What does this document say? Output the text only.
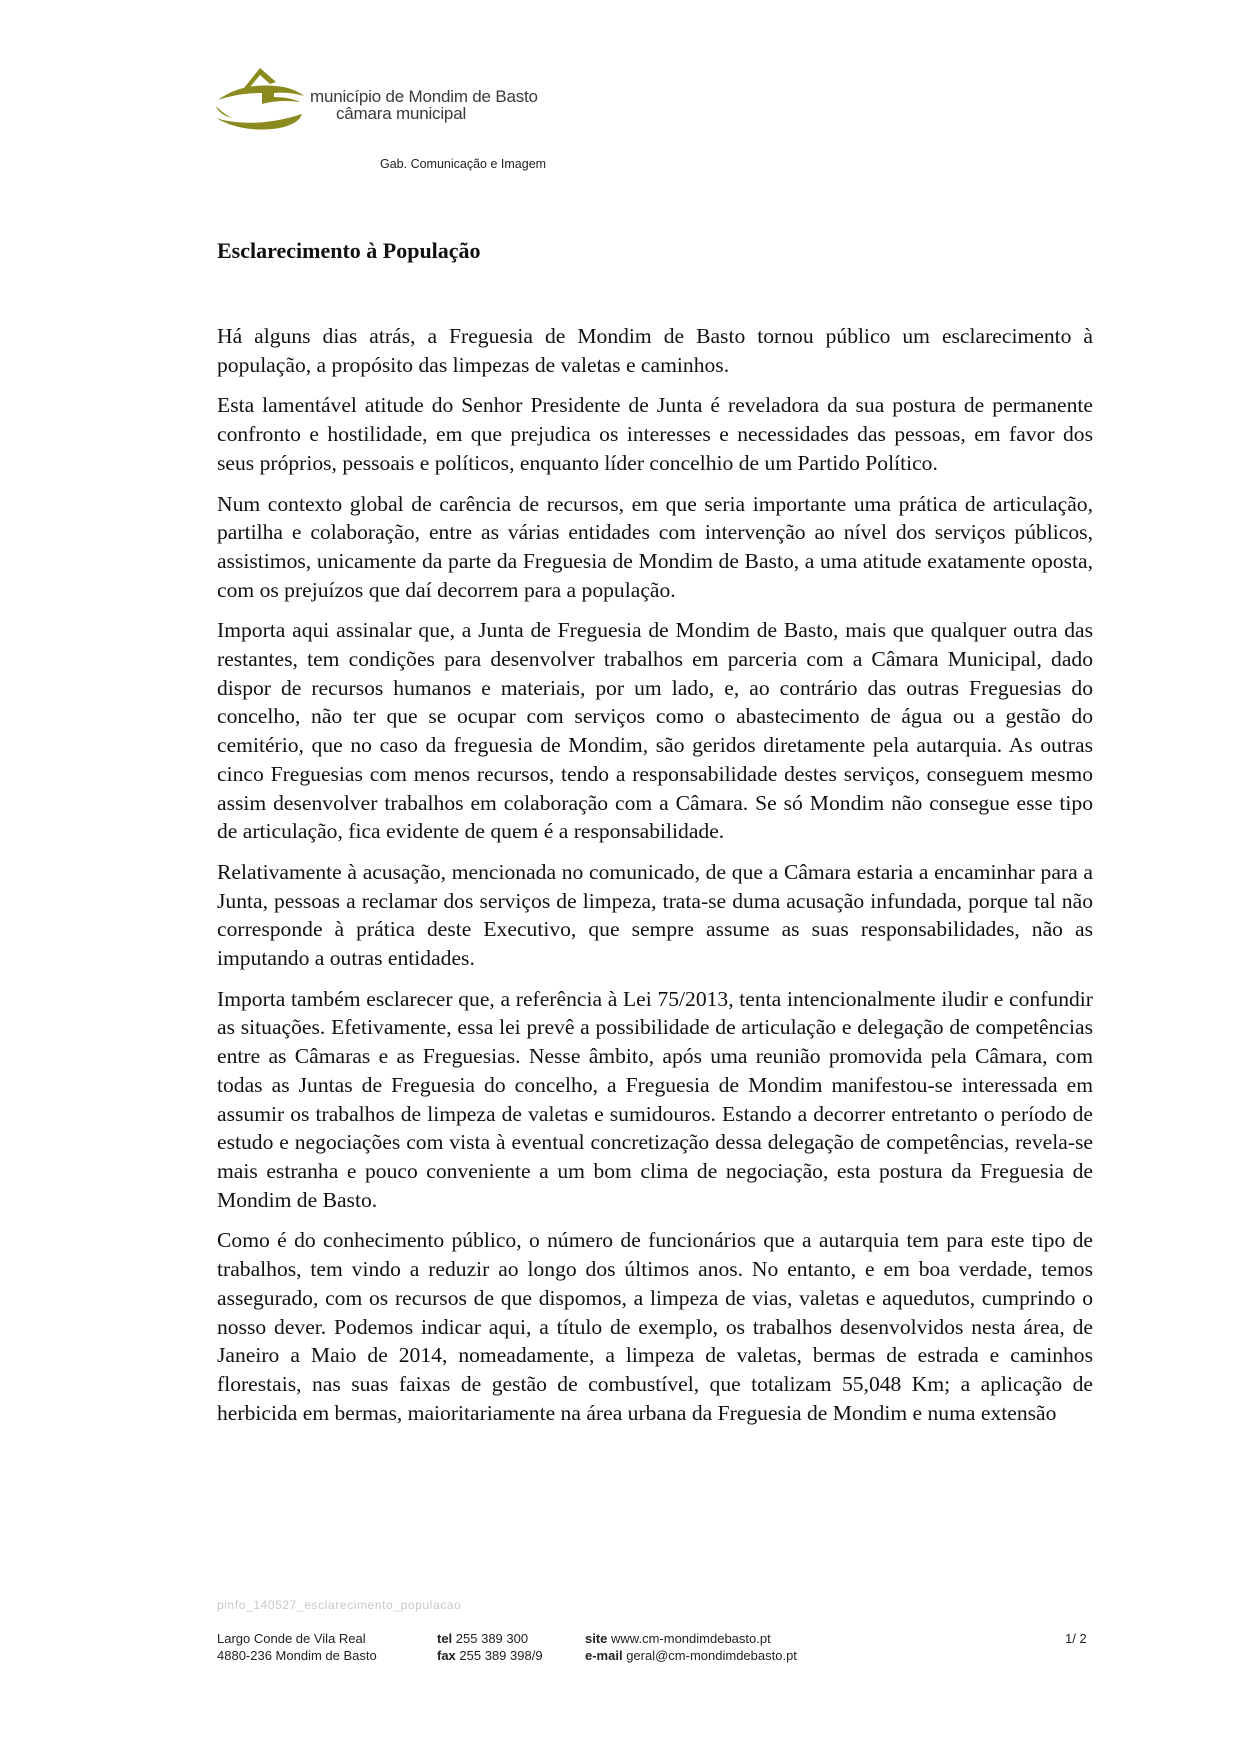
município de Mondim de Basto
câmara municipal
Gab. Comunicação e Imagem
Esclarecimento à População

Há alguns dias atrás, a Freguesia de Mondim de Basto tornou público um esclarecimento à população, a propósito das limpezas de valetas e caminhos.

Esta lamentável atitude do Senhor Presidente de Junta é reveladora da sua postura de permanente confronto e hostilidade, em que prejudica os interesses e necessidades das pessoas, em favor dos seus próprios, pessoais e políticos, enquanto líder concelhio de um Partido Político.

Num contexto global de carência de recursos, em que seria importante uma prática de articulação, partilha e colaboração, entre as várias entidades com intervenção ao nível dos serviços públicos, assistimos, unicamente da parte da Freguesia de Mondim de Basto, a uma atitude exatamente oposta, com os prejuízos que daí decorrem para a população.

Importa aqui assinalar que, a Junta de Freguesia de Mondim de Basto, mais que qualquer outra das restantes, tem condições para desenvolver trabalhos em parceria com a Câmara Municipal, dado dispor de recursos humanos e materiais, por um lado, e, ao contrário das outras Freguesias do concelho, não ter que se ocupar com serviços como o abastecimento de água ou a gestão do cemitério, que no caso da freguesia de Mondim, são geridos diretamente pela autarquia. As outras cinco Freguesias com menos recursos, tendo a responsabilidade destes serviços, conseguem mesmo assim desenvolver trabalhos em colaboração com a Câmara. Se só Mondim não consegue esse tipo de articulação, fica evidente de quem é a responsabilidade.

Relativamente à acusação, mencionada no comunicado, de que a Câmara estaria a encaminhar para a Junta, pessoas a reclamar dos serviços de limpeza, trata-se duma acusação infundada, porque tal não corresponde à prática deste Executivo, que sempre assume as suas responsabilidades, não as imputando a outras entidades.

Importa também esclarecer que, a referência à Lei 75/2013, tenta intencionalmente iludir e confundir as situações. Efetivamente, essa lei prevê a possibilidade de articulação e delegação de competências entre as Câmaras e as Freguesias. Nesse âmbito, após uma reunião promovida pela Câmara, com todas as Juntas de Freguesia do concelho, a Freguesia de Mondim manifestou-se interessada em assumir os trabalhos de limpeza de valetas e sumidouros. Estando a decorrer entretanto o período de estudo e negociações com vista à eventual concretização dessa delegação de competências, revela-se mais estranha e pouco conveniente a um bom clima de negociação, esta postura da Freguesia de Mondim de Basto.

Como é do conhecimento público, o número de funcionários que a autarquia tem para este tipo de trabalhos, tem vindo a reduzir ao longo dos últimos anos. No entanto, e em boa verdade, temos assegurado, com os recursos de que dispomos, a limpeza de vias, valetas e aquedutos, cumprindo o nosso dever. Podemos indicar aqui, a título de exemplo, os trabalhos desenvolvidos nesta área, de Janeiro a Maio de 2014, nomeadamente, a limpeza de valetas, bermas de estrada e caminhos florestais, nas suas faixas de gestão de combustível, que totalizam 55,048 Km; a aplicação de herbicida em bermas, maioritariamente na área urbana da Freguesia de Mondim e numa extensão

pinfo_140527_esclarecimento_populacao
Largo Conde de Vila Real
4880-236 Mondim de Basto
tel 255 389 300
fax 255 389 398/9
site www.cm-mondimdebasto.pt
e-mail geral@cm-mondimdebasto.pt
1/ 2
